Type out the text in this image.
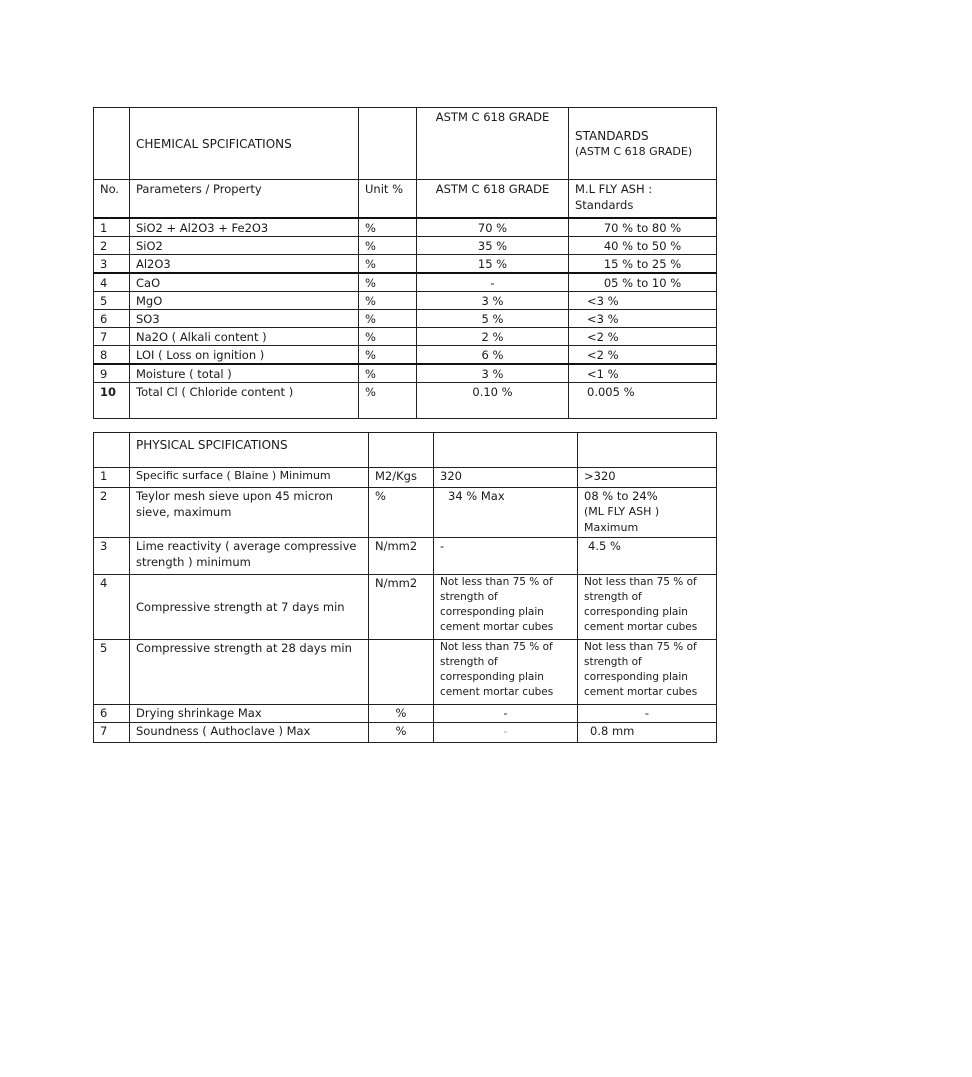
	CHEMICAL SPCIFICATIONS		ASTM C 618 GRADE	STANDARDS
(ASTM C 618 GRADE)

No.	Parameters / Property	Unit %	ASTM C 618 GRADE	M.L FLY ASH :
Standards

1	SiO2 + Al2O3 + Fe2O3	%	70 %	70 % to 80 %
2	SiO2	%	35 %	40 % to 50 %
3	Al2O3	%	15 %	15 % to 25 %
4	CaO	%	-	05 % to 10 %
5	MgO	%	3 %	<3 %
6	SO3	%	5 %	<3 %
7	Na2O ( Alkali content )	%	2 %	<2 %
8	LOI ( Loss on ignition )	%	6 %	<2 %
9	Moisture ( total )	%	3 %	<1 %
10	Total Cl ( Chloride content )	%	0.10 %	0.005 %
	PHYSICAL SPCIFICATIONS			
1	Specific surface ( Blaine ) Minimum	M2/Kgs	320	>320
2	Teylor mesh sieve upon 45 micron sieve, maximum	%	34 % Max	08 % to 24%
(ML FLY ASH )
Maximum

3	Lime reactivity ( average compressive strength ) minimum	N/mm2	-	4.5 %
4	Compressive strength at 7 days min	N/mm2	Not less than 75 % of strength of corresponding plain cement mortar cubes	Not less than 75 % of strength of corresponding plain cement mortar cubes
5	Compressive strength at 28 days min		Not less than 75 % of strength of corresponding plain cement mortar cubes	Not less than 75 % of strength of corresponding plain cement mortar cubes
6	Drying shrinkage Max	%	-	-
7	Soundness ( Authoclave ) Max	%	-	0.8 mm
